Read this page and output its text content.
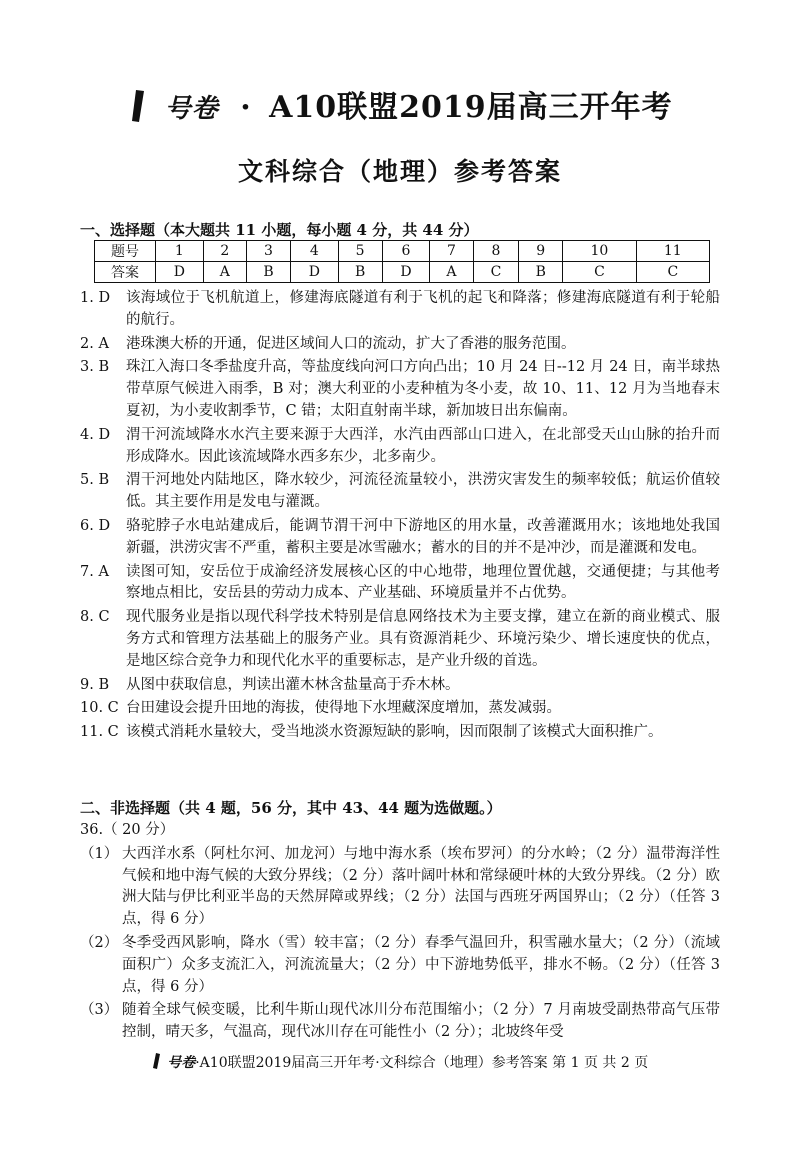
号卷 · A10联盟2019届高三开年考
文科综合（地理）参考答案
一、选择题（本大题共 11 小题，每小题 4 分，共 44 分）
题号	1	2	3	4	5	6	7	8	9	10	11
答案	D	A	B	D	B	D	A	C	B	C	C
1. D	该海域位于飞机航道上，修建海底隧道有利于飞机的起飞和降落；修建海底隧道有利于轮船的航行。
2. A	港珠澳大桥的开通，促进区域间人口的流动，扩大了香港的服务范围。
3. B	珠江入海口冬季盐度升高，等盐度线向河口方向凸出；10 月 24 日--12 月 24 日，南半球热带草原气候进入雨季，B 对；澳大利亚的小麦种植为冬小麦，故 10、11、12 月为当地春末夏初，为小麦收割季节，C 错；太阳直射南半球，新加坡日出东偏南。
4. D	渭干河流域降水水汽主要来源于大西洋，水汽由西部山口进入，在北部受天山山脉的抬升而形成降水。因此该流域降水西多东少，北多南少。
5. B	渭干河地处内陆地区，降水较少，河流径流量较小，洪涝灾害发生的频率较低；航运价值较低。其主要作用是发电与灌溉。
6. D	骆驼脖子水电站建成后，能调节渭干河中下游地区的用水量，改善灌溉用水；该地地处我国新疆，洪涝灾害不严重，蓄积主要是冰雪融水；蓄水的目的并不是冲沙，而是灌溉和发电。
7. A	读图可知，安岳位于成渝经济发展核心区的中心地带，地理位置优越，交通便捷；与其他考察地点相比，安岳县的劳动力成本、产业基础、环境质量并不占优势。
8. C	现代服务业是指以现代科学技术特别是信息网络技术为主要支撑，建立在新的商业模式、服务方式和管理方法基础上的服务产业。具有资源消耗少、环境污染少、增长速度快的优点，是地区综合竞争力和现代化水平的重要标志，是产业升级的首选。
9. B	从图中获取信息，判读出灌木林含盐量高于乔木林。
10. C 台田建设会提升田地的海拔，使得地下水埋藏深度增加，蒸发减弱。
11. C 该模式消耗水量较大，受当地淡水资源短缺的影响，因而限制了该模式大面积推广。
二、非选择题（共 4 题，56 分，其中 43、44 题为选做题。）
36.（ 20 分）
（1） 大西洋水系（阿杜尔河、加龙河）与地中海水系（埃布罗河）的分水岭；（2 分）温带海洋性气候和地中海气候的大致分界线；（2 分）落叶阔叶林和常绿硬叶林的大致分界线。（2 分）欧洲大陆与伊比利亚半岛的天然屏障或界线；（2 分）法国与西班牙两国界山；（2 分）（任答 3 点，得 6 分）
（2） 冬季受西风影响，降水（雪）较丰富；（2 分）春季气温回升，积雪融水量大；（2 分）（流域面积广）众多支流汇入，河流流量大；（2 分）中下游地势低平，排水不畅。（2 分）（任答 3 点，得 6 分）
（3） 随着全球气候变暖，比利牛斯山现代冰川分布范围缩小；（2 分）7 月南坡受副热带高气压带控制，晴天多，气温高，现代冰川存在可能性小（2 分）；北坡终年受
号卷·A10联盟2019届高三开年考·文科综合（地理）参考答案 第 1 页 共 2 页
